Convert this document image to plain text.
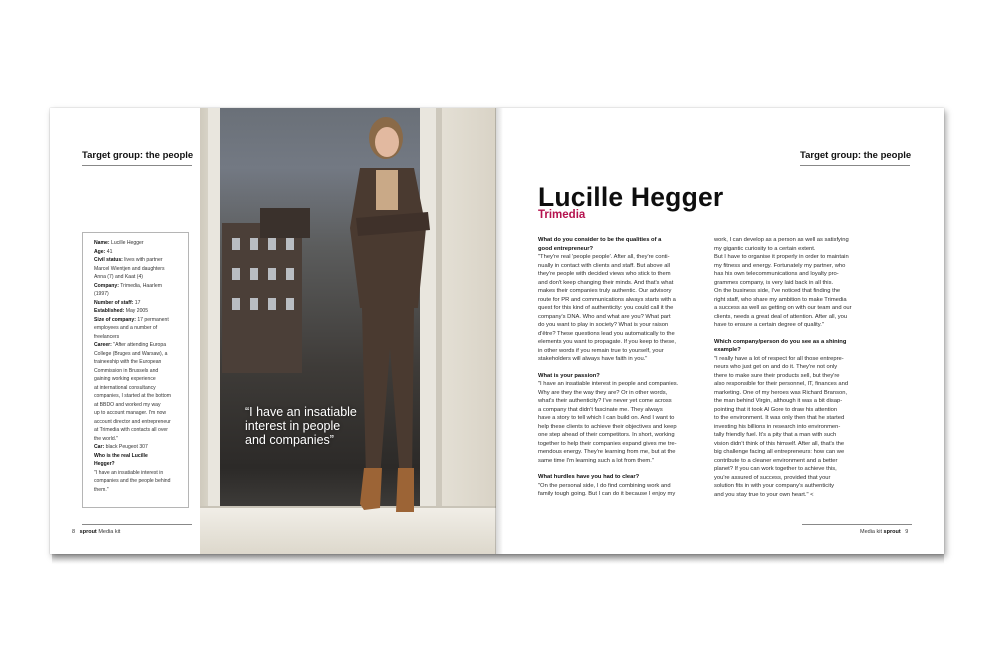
Target group: the people
Name: Lucille Hegger
Age: 41
Civil status: lives with partner
Marcel Wientjen and daughters
Anna (7) and Kaat (4)
Company: Trimedia, Haarlem
(1997)
Number of staff: 17
Established: May 2005
Size of company: 17 permanent
employees and a number of
freelancers
Career: "After attending Europa
College (Bruges and Warsaw), a
traineeship with the European
Commission in Brussels and
gaining working experience
at international consultancy
companies, I started at the bottom
at BBDO and worked my way
up to account manager. I'm now
account director and entrepreneur
at Trimedia with contacts all over
the world."
Car: black Peugeot 307
Who is the real Lucille
Hegger?
"I have an insatiable interest in
companies and the people behind
them."
8 sprout Media kit
“I have an insatiable
interest in people
and companies”
Target group: the people
Lucille Hegger
Trimedia
What do you consider to be the qualities of a
good entrepreneur?
"They're real 'people people'. After all, they're conti-
nually in contact with clients and staff. But above all
they're people with decided views who stick to them
and don't keep changing their minds. And that's what
makes their companies truly authentic. Our advisory
route for PR and communications always starts with a
quest for this kind of authenticity: you could call it the
company's DNA. Who and what are you? What part
do you want to play in society? What is your raison
d'être? These questions lead you automatically to the
elements you want to propagate. If you keep to these,
in other words if you remain true to yourself, your
stakeholders will always have faith in you."
What is your passion?
"I have an insatiable interest in people and companies.
Why are they the way they are? Or in other words,
what's their authenticity? I've never yet come across
a company that didn't fascinate me. They always
have a story to tell which I can build on. And I want to
help these clients to achieve their objectives and keep
one step ahead of their competitors. In short, working
together to help their companies expand gives me tre-
mendous energy. They're learning from me, but at the
same time I'm learning such a lot from them."
What hurdles have you had to clear?
"On the personal side, I do find combining work and
family tough going. But I can do it because I enjoy my
work, I can develop as a person as well as satisfying
my gigantic curiosity to a certain extent.
But I have to organise it properly in order to maintain
my fitness and energy. Fortunately my partner, who
has his own telecommunications and loyalty pro-
grammes company, is very laid back in all this.
On the business side, I've noticed that finding the
right staff, who share my ambition to make Trimedia
a success as well as getting on with our team and our
clients, needs a great deal of attention. After all, you
have to ensure a certain degree of quality."
Which company/person do you see as a shining
example?
"I really have a lot of respect for all those entrepre-
neurs who just get on and do it. They're not only
there to make sure their products sell, but they're
also responsible for their personnel, IT, finances and
marketing. One of my heroes was Richard Branson,
the man behind Virgin, although it was a bit disap-
pointing that it took Al Gore to draw his attention
to the environment. It was only then that he started
investing his billions in research into environmen-
tally friendly fuel. It's a pity that a man with such
vision didn't think of this himself. After all, that's the
big challenge facing all entrepreneurs: how can we
contribute to a cleaner environment and a better
planet? If you can work together to achieve this,
you're assured of success, provided that your
solution fits in with your company's authenticity
and you stay true to your own heart." <
Media kit sprout 9
